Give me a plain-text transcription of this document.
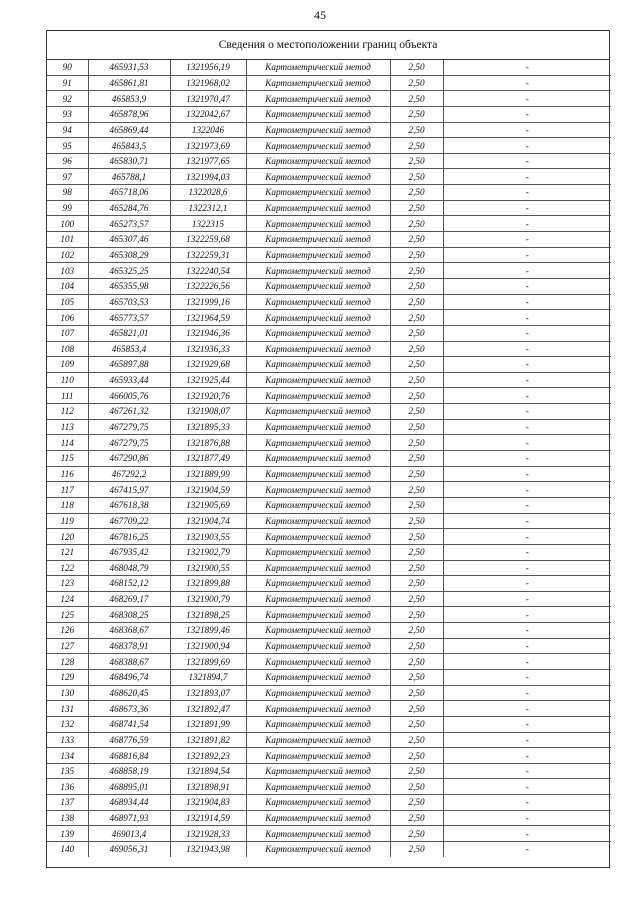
45
Сведения о местоположении границ объекта
90	465931,53	1321956,19	Картометрический метод	2,50	-
91	465861,81	1321968,02	Картометрический метод	2,50	-
92	465853,9	1321970,47	Картометрический метод	2,50	-
93	465878,96	1322042,67	Картометрический метод	2,50	-
94	465869,44	1322046	Картометрический метод	2,50	-
95	465843,5	1321973,69	Картометрический метод	2,50	-
96	465830,71	1321977,65	Картометрический метод	2,50	-
97	465788,1	1321994,03	Картометрический метод	2,50	-
98	465718,06	1322028,6	Картометрический метод	2,50	-
99	465284,76	1322312,1	Картометрический метод	2,50	-
100	465273,57	1322315	Картометрический метод	2,50	-
101	465307,46	1322259,68	Картометрический метод	2,50	-
102	465308,29	1322259,31	Картометрический метод	2,50	-
103	465325,25	1322240,54	Картометрический метод	2,50	-
104	465355,98	1322226,56	Картометрический метод	2,50	-
105	465703,53	1321999,16	Картометрический метод	2,50	-
106	465773,57	1321964,59	Картометрический метод	2,50	-
107	465821,01	1321946,36	Картометрический метод	2,50	-
108	465853,4	1321936,33	Картометрический метод	2,50	-
109	465897,88	1321929,68	Картометрический метод	2,50	-
110	465933,44	1321925,44	Картометрический метод	2,50	-
111	466005,76	1321920,76	Картометрический метод	2,50	-
112	467261,32	1321908,07	Картометрический метод	2,50	-
113	467279,75	1321895,33	Картометрический метод	2,50	-
114	467279,75	1321876,88	Картометрический метод	2,50	-
115	467290,86	1321877,49	Картометрический метод	2,50	-
116	467292,2	1321889,99	Картометрический метод	2,50	-
117	467415,97	1321904,59	Картометрический метод	2,50	-
118	467618,38	1321905,69	Картометрический метод	2,50	-
119	467709,22	1321904,74	Картометрический метод	2,50	-
120	467816,25	1321903,55	Картометрический метод	2,50	-
121	467935,42	1321902,79	Картометрический метод	2,50	-
122	468048,79	1321900,55	Картометрический метод	2,50	-
123	468152,12	1321899,88	Картометрический метод	2,50	-
124	468269,17	1321900,79	Картометрический метод	2,50	-
125	468308,25	1321898,25	Картометрический метод	2,50	-
126	468368,67	1321899,46	Картометрический метод	2,50	-
127	468378,91	1321900,94	Картометрический метод	2,50	-
128	468388,67	1321899,69	Картометрический метод	2,50	-
129	468496,74	1321894,7	Картометрический метод	2,50	-
130	468620,45	1321893,07	Картометрический метод	2,50	-
131	468673,36	1321892,47	Картометрический метод	2,50	-
132	468741,54	1321891,99	Картометрический метод	2,50	-
133	468776,59	1321891,82	Картометрический метод	2,50	-
134	468816,84	1321892,23	Картометрический метод	2,50	-
135	468858,19	1321894,54	Картометрический метод	2,50	-
136	468895,01	1321898,91	Картометрический метод	2,50	-
137	468934,44	1321904,83	Картометрический метод	2,50	-
138	468971,93	1321914,59	Картометрический метод	2,50	-
139	469013,4	1321928,33	Картометрический метод	2,50	-
140	469056,31	1321943,98	Картометрический метод	2,50	-
